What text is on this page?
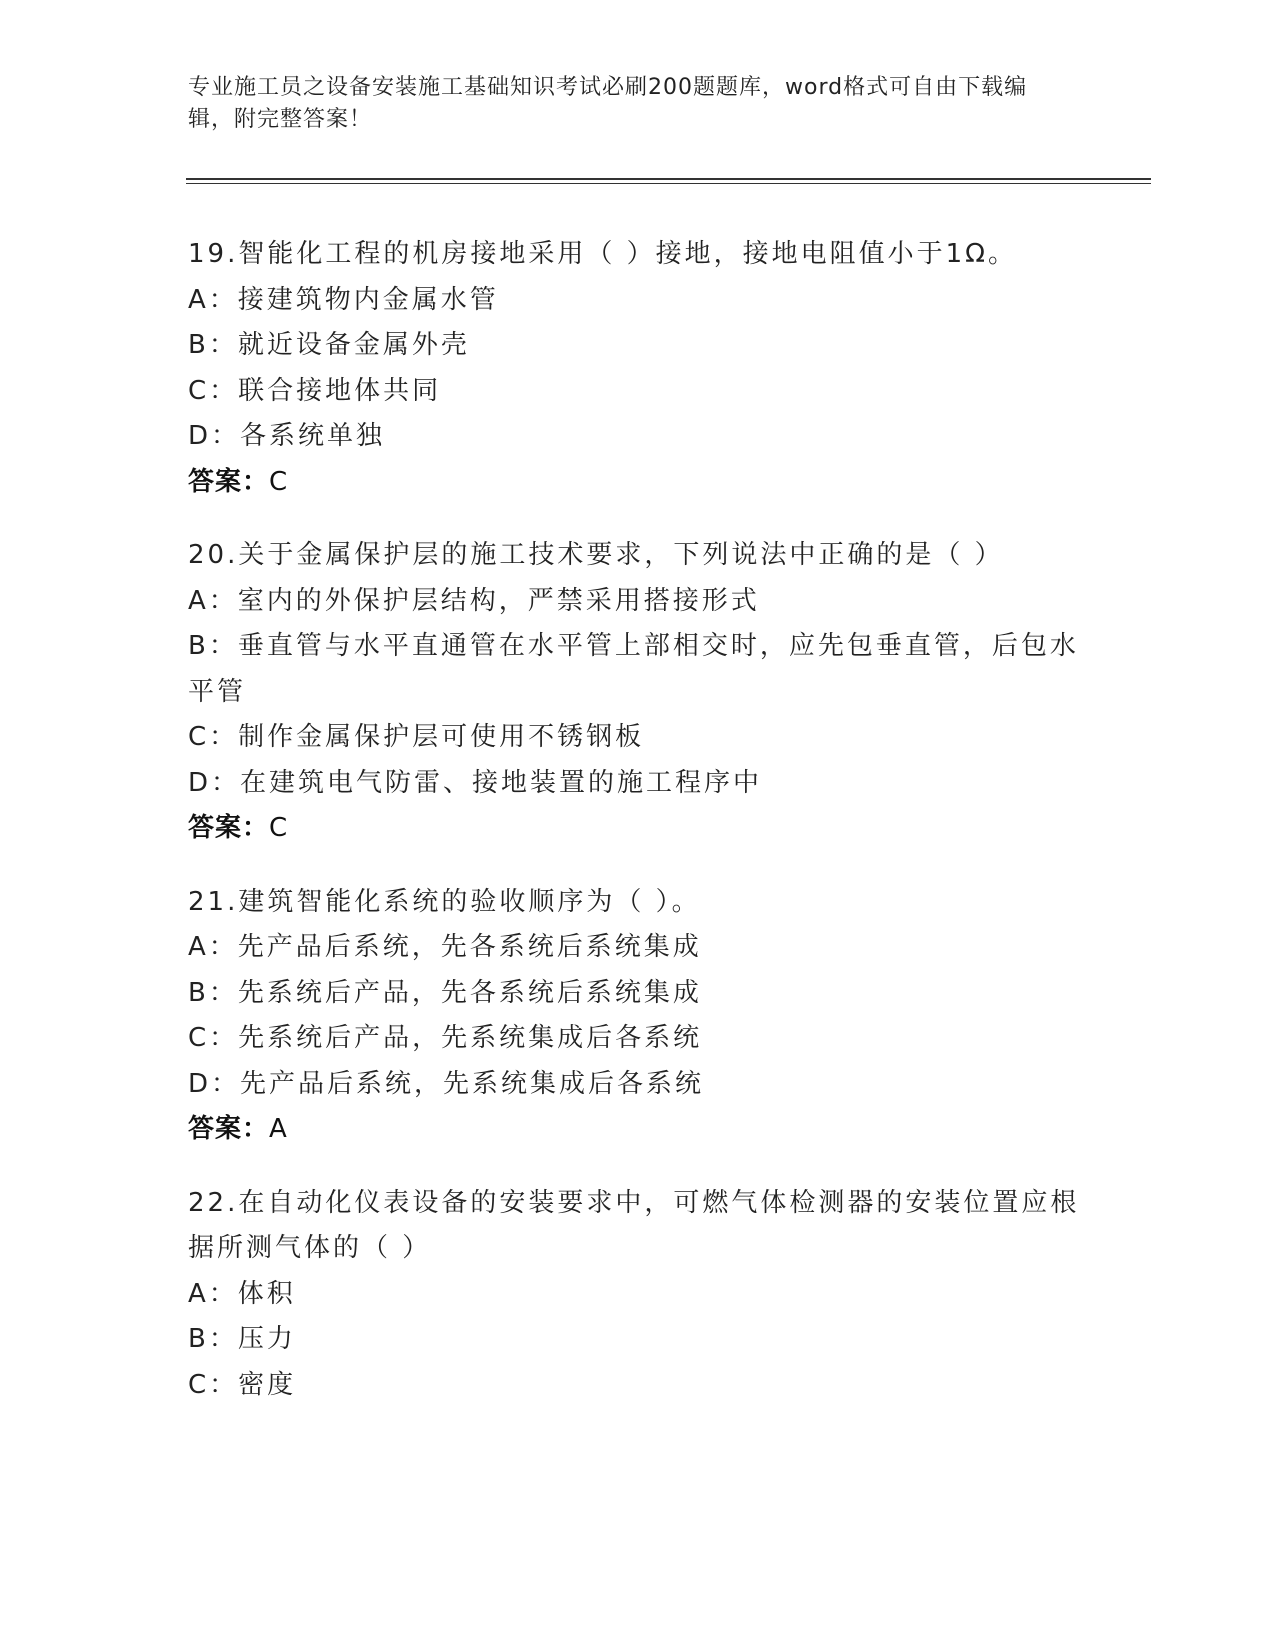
专业施工员之设备安装施工基础知识考试必刷200题题库，word格式可自由下载编辑，附完整答案！
19.智能化工程的机房接地采用（ ）接地，接地电阻值小于1Ω。
A：接建筑物内金属水管
B：就近设备金属外壳
C：联合接地体共同
D：各系统单独
答案：C
20.关于金属保护层的施工技术要求，下列说法中正确的是（ ）
A：室内的外保护层结构，严禁采用搭接形式
B：垂直管与水平直通管在水平管上部相交时，应先包垂直管，后包水平管
C：制作金属保护层可使用不锈钢板
D：在建筑电气防雷、接地装置的施工程序中
答案：C
21.建筑智能化系统的验收顺序为（ ）。
A：先产品后系统，先各系统后系统集成
B：先系统后产品，先各系统后系统集成
C：先系统后产品，先系统集成后各系统
D：先产品后系统，先系统集成后各系统
答案：A
22.在自动化仪表设备的安装要求中，可燃气体检测器的安装位置应根据所测气体的（ ）
A：体积
B：压力
C：密度
